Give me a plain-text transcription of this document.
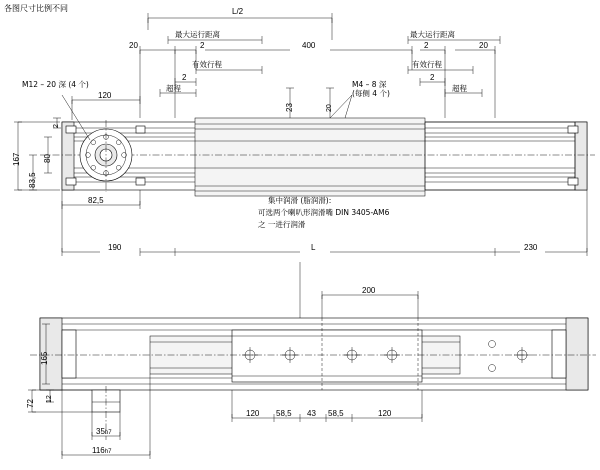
各图尺寸比例不同	L/2
最大运行距离	最大运行距离
20	2	400	2	20
有效行程	有效行程
2	2
超程	超程
M12 – 20 深 (4 个)	M4 – 8 深
(每侧 4 个)
120
167	80
83,5
2
23	20
82,5	集中润滑 (脂润滑):
可选两个喇叭形润滑嘴 DIN 3405-AM6
之 一进行润滑
190	L	230
200
165
72 12
120 58,5 43 58,5	120
35h7
116h7
